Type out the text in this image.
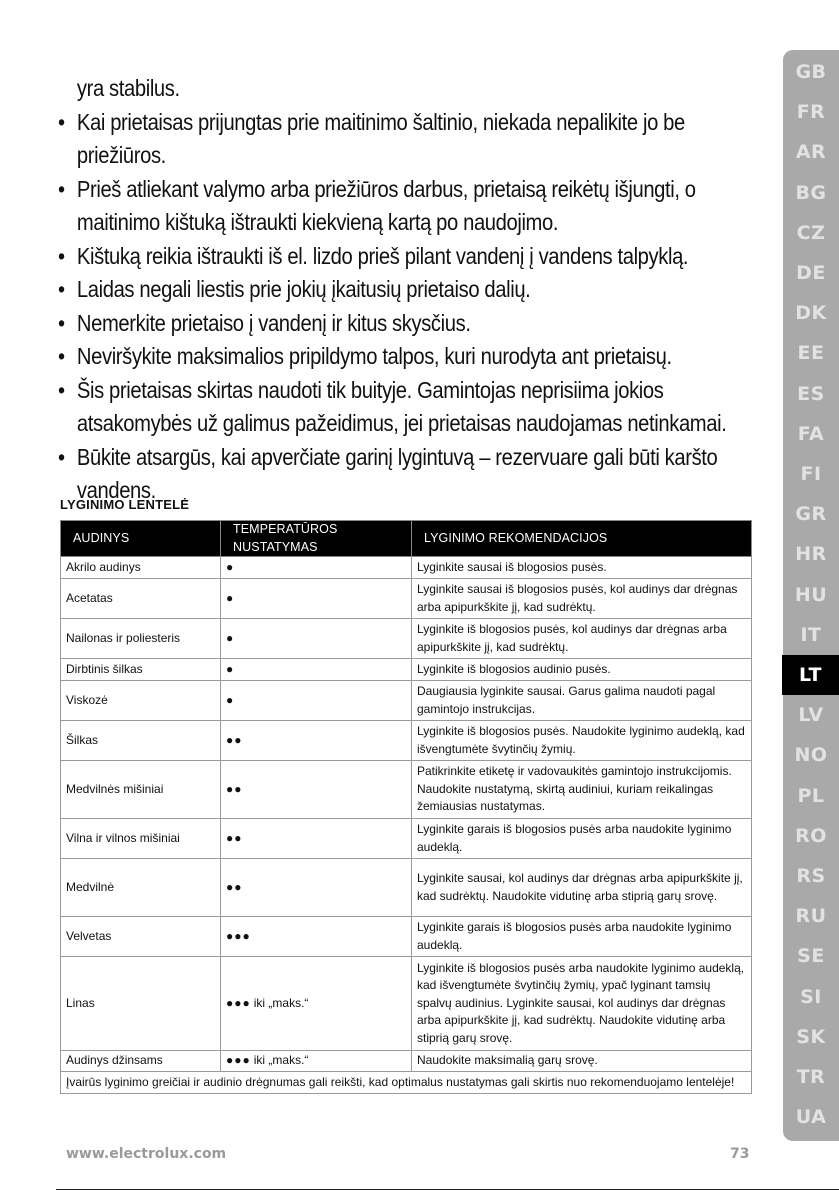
yra stabilus.
• Kai prietaisas prijungtas prie maitinimo šaltinio, niekada nepalikite jo be
priežiūros.
• Prieš atliekant valymo arba priežiūros darbus, prietaisą reikėtų išjungti, o
maitinimo kištuką ištraukti kiekvieną kartą po naudojimo.
• Kištuką reikia ištraukti iš el. lizdo prieš pilant vandenį į vandens talpyklą.
• Laidas negali liestis prie jokių įkaitusių prietaiso dalių.
• Nemerkite prietaiso į vandenį ir kitus skysčius.
• Neviršykite maksimalios pripildymo talpos, kuri nurodyta ant prietaisų.
• Šis prietaisas skirtas naudoti tik buityje. Gamintojas neprisiima jokios
atsakomybės už galimus pažeidimus, jei prietaisas naudojamas netinkamai.
• Būkite atsargūs, kai apverčiate garinį lygintuvą – rezervuare gali būti karšto vandens.
LYGINIMO LENTELĖ
AUDINYS	TEMPERATŪROS NUSTATYMAS	LYGINIMO REKOMENDACIJOS
Akrilo audinys	●	Lyginkite sausai iš blogosios pusės.
Acetatas	●	Lyginkite sausai iš blogosios pusės, kol audinys dar drėgnas arba apipurkškite jį, kad sudrėktų.
Nailonas ir poliesteris	●	Lyginkite iš blogosios pusės, kol audinys dar drėgnas arba apipurkškite jį, kad sudrėktų.
Dirbtinis šilkas	●	Lyginkite iš blogosios audinio pusės.
Viskozė	●	Daugiausia lyginkite sausai. Garus galima naudoti pagal gamintojo instrukcijas.
Šilkas	●●	Lyginkite iš blogosios pusės. Naudokite lyginimo audeklą, kad išvengtumėte švytinčių žymių.
Medvilnės mišiniai	●●	Patikrinkite etiketę ir vadovaukitės gamintojo instrukcijomis. Naudokite nustatymą, skirtą audiniui, kuriam reikalingas žemiausias nustatymas.
Vilna ir vilnos mišiniai	●●	Lyginkite garais iš blogosios pusės arba naudokite lyginimo audeklą.
Medvilnė	●●	Lyginkite sausai, kol audinys dar drėgnas arba apipurkškite jį, kad sudrėktų. Naudokite vidutinę arba stiprią garų srovę.
Velvetas	●●●	Lyginkite garais iš blogosios pusės arba naudokite lyginimo audeklą.
Linas	●●● iki „maks.“	Lyginkite iš blogosios pusės arba naudokite lyginimo audeklą, kad išvengtumėte švytinčių žymių, ypač lyginant tamsių spalvų audinius. Lyginkite sausai, kol audinys dar drėgnas arba apipurkškite jį, kad sudrėktų. Naudokite vidutinę arba stiprią garų srovę.
Audinys džinsams	●●● iki „maks.“	Naudokite maksimalią garų srovę.
Įvairūs lyginimo greičiai ir audinio drėgnumas gali reikšti, kad optimalus nustatymas gali skirtis nuo rekomenduojamo lentelėje!		
GB
FR
AR
BG
CZ
DE
DK
EE
ES
FA
FI
GR
HR
HU
IT
LT
LV
NO
PL
RO
RS
RU
SE
SI
SK
TR
UA
www.electrolux.com	73
